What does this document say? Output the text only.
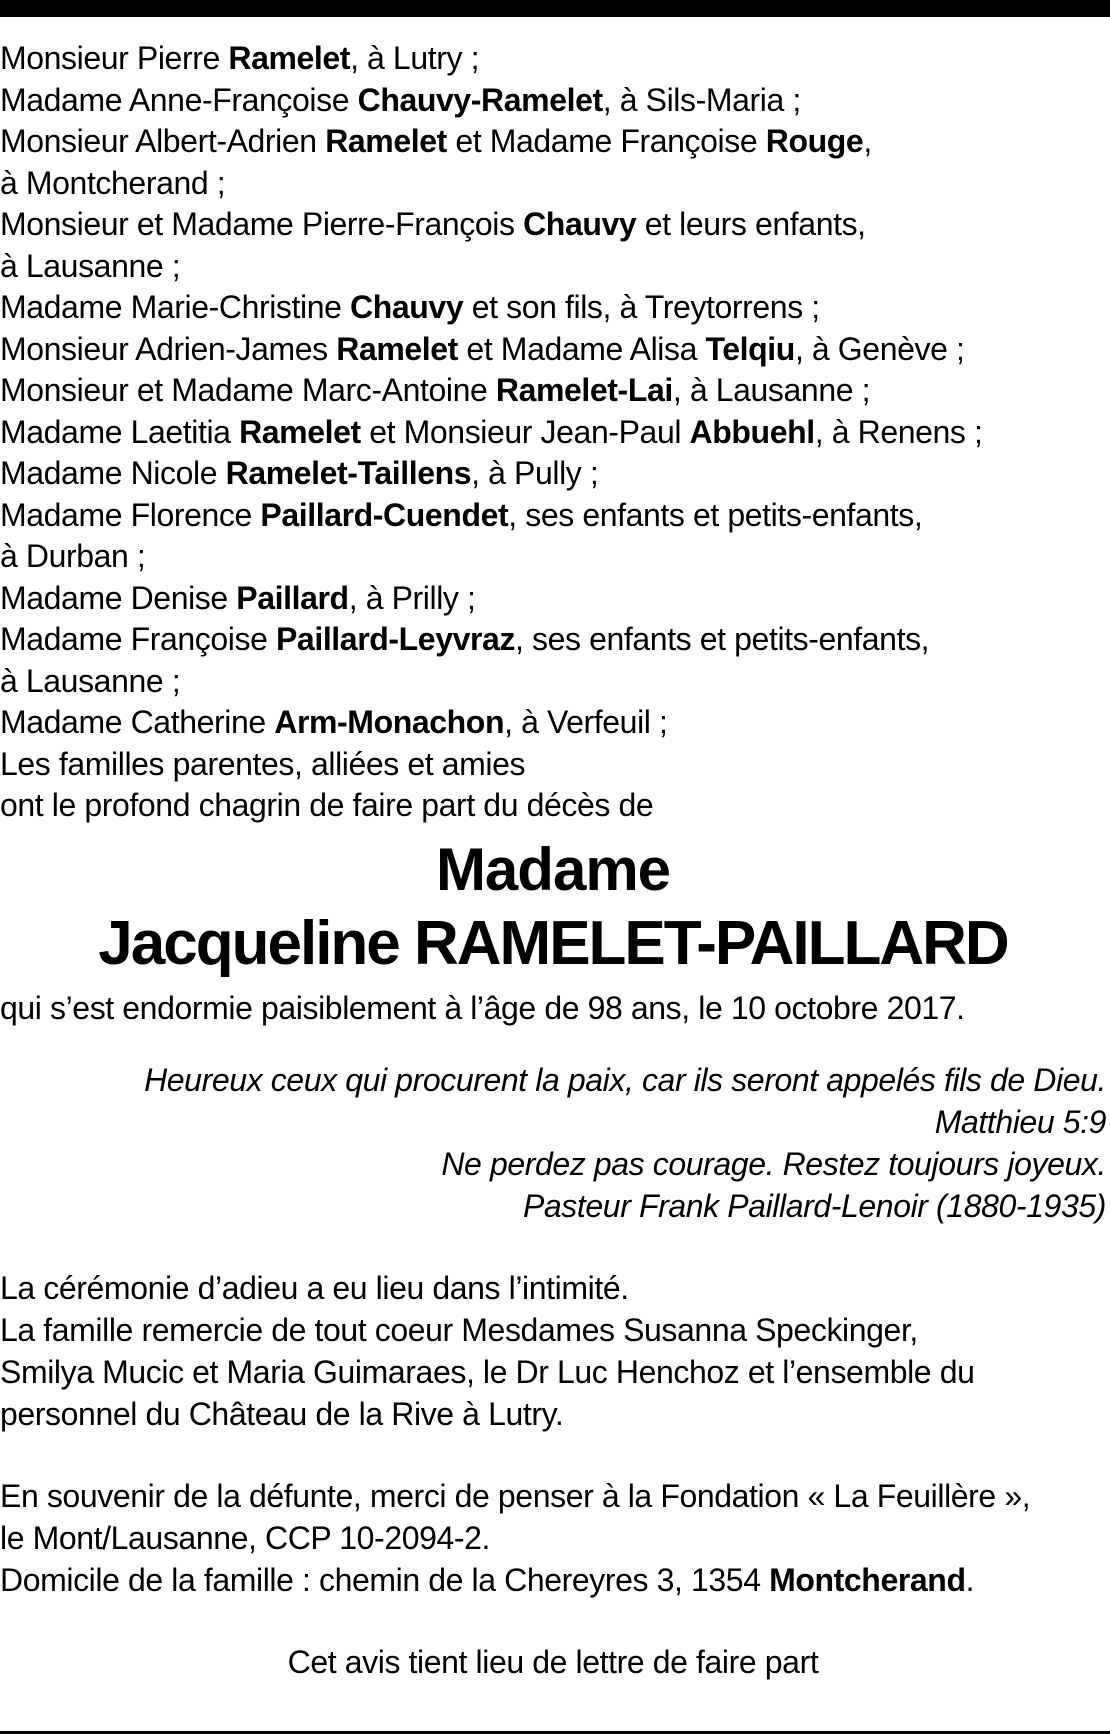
Monsieur Pierre Ramelet, à Lutry ;
Madame Anne-Françoise Chauvy-Ramelet, à Sils-Maria ;
Monsieur Albert-Adrien Ramelet et Madame Françoise Rouge,
à Montcherand ;
Monsieur et Madame Pierre-François Chauvy et leurs enfants,
à Lausanne ;
Madame Marie-Christine Chauvy et son fils, à Treytorrens ;
Monsieur Adrien-James Ramelet et Madame Alisa Telqiu, à Genève ;
Monsieur et Madame Marc-Antoine Ramelet-Lai, à Lausanne ;
Madame Laetitia Ramelet et Monsieur Jean-Paul Abbuehl, à Renens ;
Madame Nicole Ramelet-Taillens, à Pully ;
Madame Florence Paillard-Cuendet, ses enfants et petits-enfants,
à Durban ;
Madame Denise Paillard, à Prilly ;
Madame Françoise Paillard-Leyvraz, ses enfants et petits-enfants,
à Lausanne ;
Madame Catherine Arm-Monachon, à Verfeuil ;
Les familles parentes, alliées et amies
ont le profond chagrin de faire part du décès de
Madame
Jacqueline RAMELET-PAILLARD
qui s’est endormie paisiblement à l’âge de 98 ans, le 10 octobre 2017.
Heureux ceux qui procurent la paix, car ils seront appelés fils de Dieu.
Matthieu 5:9
Ne perdez pas courage. Restez toujours joyeux.
Pasteur Frank Paillard-Lenoir (1880-1935)
La cérémonie d’adieu a eu lieu dans l’intimité.
La famille remercie de tout coeur Mesdames Susanna Speckinger,
Smilya Mucic et Maria Guimaraes, le Dr Luc Henchoz et l’ensemble du
personnel du Château de la Rive à Lutry.
En souvenir de la défunte, merci de penser à la Fondation « La Feuillère »,
le Mont/Lausanne, CCP 10-2094-2.
Domicile de la famille : chemin de la Chereyres 3, 1354 Montcherand.
Cet avis tient lieu de lettre de faire part
